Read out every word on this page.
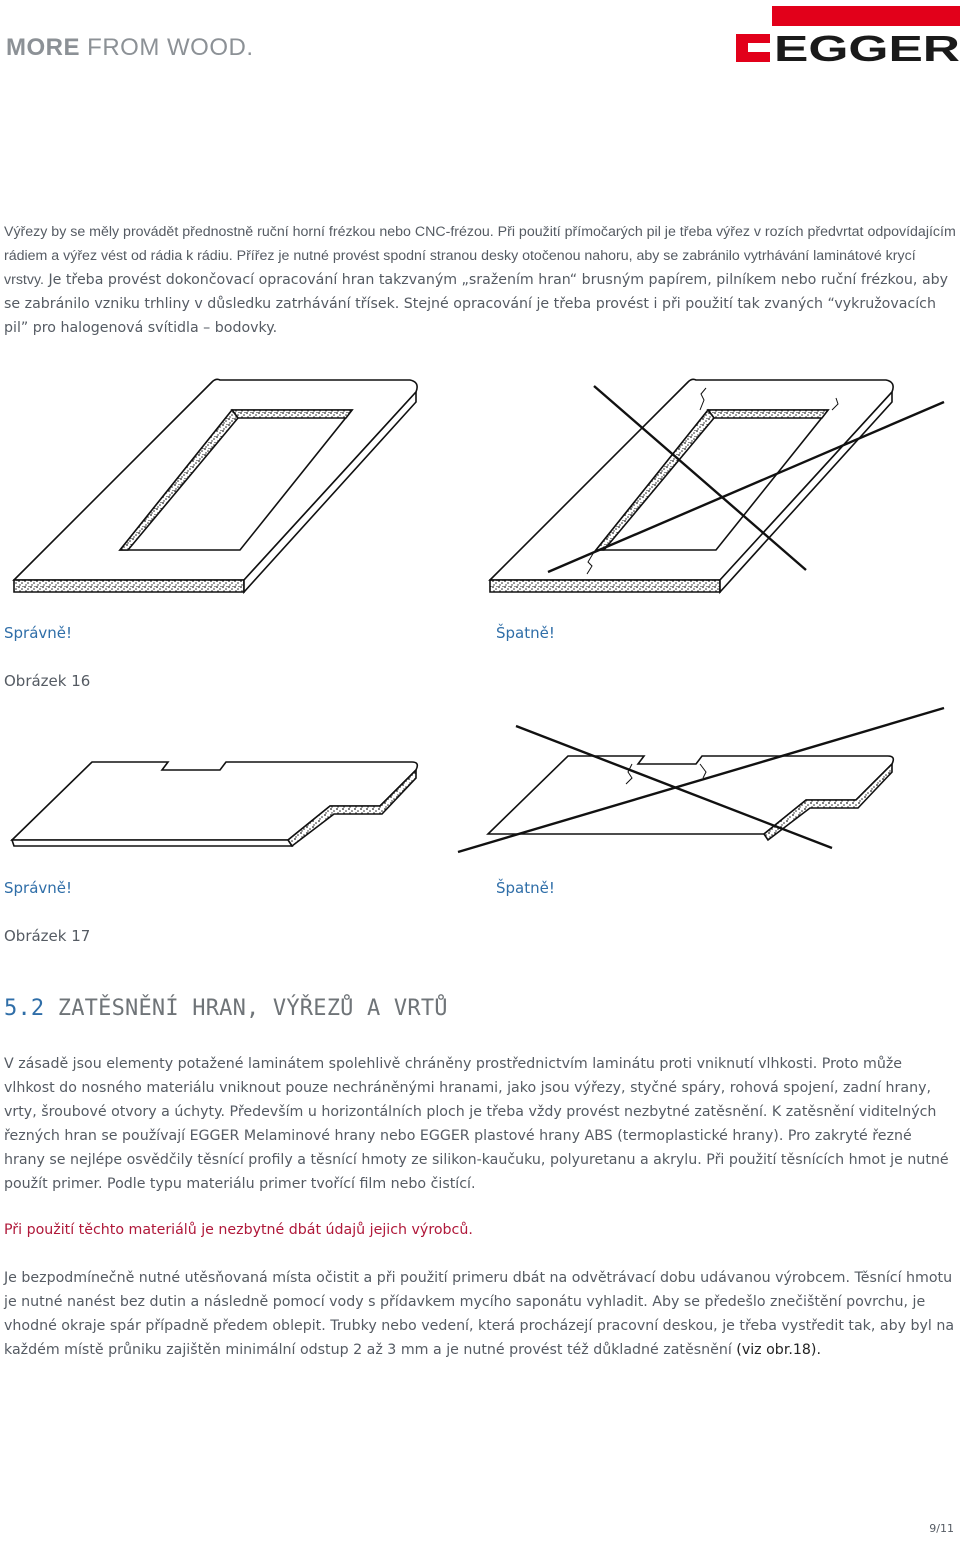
MORE FROM WOOD.	EGGER

Výřezy by se měly provádět přednostně ruční horní frézkou nebo CNC-frézou. Při použití přímočarých pil je třeba výřez v rozích předvrtat odpovídajícím rádiem a výřez vést od rádia k rádiu. Přířez je nutné provést spodní stranou desky otočenou nahoru, aby se zabránilo vytrhávání laminátové krycí vrstvy. Je třeba provést dokončovací opracování hran takzvaným „sražením hran“ brusným papírem, pilníkem nebo ruční frézkou, aby se zabránilo vzniku trhliny v důsledku zatrhávání třísek. Stejné opracování je třeba provést i při použití tak zvaných “vykružovacích pil” pro halogenová svítidla – bodovky.

Správně!	Špatně!

Obrázek 16

Správně!	Špatně!

Obrázek 17

5.2 ZATĚSNĚNÍ HRAN, VÝŘEZŮ A VRTŮ

V zásadě jsou elementy potažené laminátem spolehlivě chráněny prostřednictvím laminátu proti vniknutí vlhkosti. Proto může vlhkost do nosného materiálu vniknout pouze nechráněnými hranami, jako jsou výřezy, styčné spáry, rohová spojení, zadní hrany, vrty, šroubové otvory a úchyty. Především u horizontálních ploch je třeba vždy provést nezbytné zatěsnění. K zatěsnění viditelných řezných hran se používají EGGER Melaminové hrany nebo EGGER plastové hrany ABS (termoplastické hrany). Pro zakryté řezné hrany se nejlépe osvědčily těsnící profily a těsnící hmoty ze silikon-kaučuku, polyuretanu a akrylu. Při použití těsnících hmot je nutné použít primer. Podle typu materiálu primer tvořící film nebo čistící.

Při použití těchto materiálů je nezbytné dbát údajů jejich výrobců.

Je bezpodmínečně nutné utěsňovaná místa očistit a při použití primeru dbát na odvětrávací dobu udávanou výrobcem. Těsnící hmotu je nutné nanést bez dutin a následně pomocí vody s přídavkem mycího saponátu vyhladit. Aby se předešlo znečištění povrchu, je vhodné okraje spár případně předem oblepit. Trubky nebo vedení, která procházejí pracovní deskou, je třeba vystředit tak, aby byl na každém místě průniku zajištěn minimální odstup 2 až 3 mm a je nutné provést též důkladné zatěsnění (viz obr.18).

9/11
